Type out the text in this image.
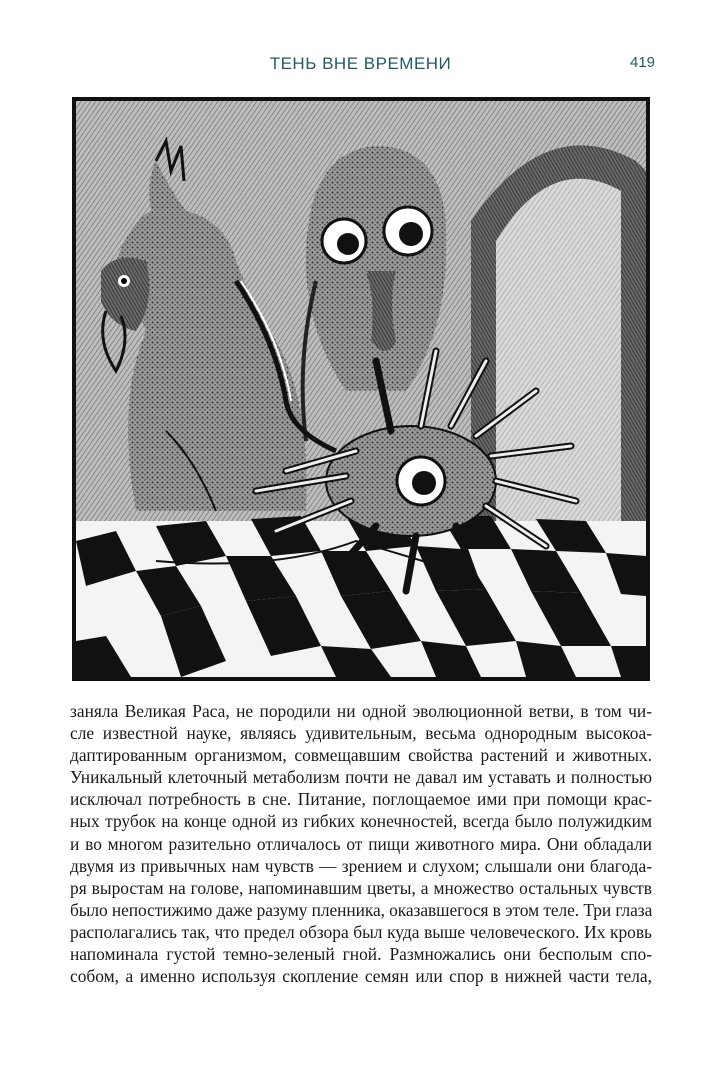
ТЕНЬ ВНЕ ВРЕМЕНИ	419
заняла Великая Раса, не породили ни одной эволюционной ветви, в том чи-
сле известной науке, являясь удивительным, весьма однородным высокоа-
даптированным организмом, совмещавшим свойства растений и животных.
Уникальный клеточный метаболизм почти не давал им уставать и полностью
исключал потребность в сне. Питание, поглощаемое ими при помощи крас-
ных трубок на конце одной из гибких конечностей, всегда было полужидким
и во многом разительно отличалось от пищи животного мира. Они обладали
двумя из привычных нам чувств — зрением и слухом; слышали они благода-
ря выростам на голове, напоминавшим цветы, а множество остальных чувств
было непостижимо даже разуму пленника, оказавшегося в этом теле. Три глаза
располагались так, что предел обзора был куда выше человеческого. Их кровь
напоминала густой темно-зеленый гной. Размножались они бесполым спо-
собом, а именно используя скопление семян или спор в нижней части тела,
